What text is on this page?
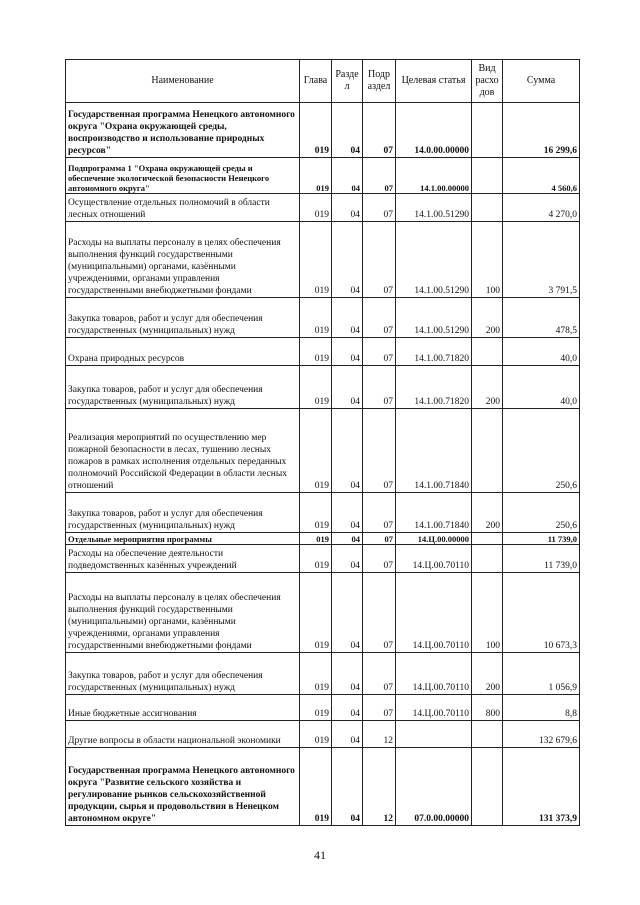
Наименование	Глава	Разде л	Подр аздел	Целевая статья	Вид расхо дов	Сумма
Государственная программа Ненецкого автономного округа "Охрана окружающей среды, воспроизводство и использование природных ресурсов"	019	04	07	14.0.00.00000		16 299,6
Подпрограмма 1 "Охрана окружающей среды и обеспечение экологической безопасности Ненецкого автономного округа"	019	04	07	14.1.00.00000		4 560,6
Осуществление отдельных полномочий в области лесных отношений	019	04	07	14.1.00.51290		4 270,0
Расходы на выплаты персоналу в целях обеспечения выполнения функций государственными (муниципальными) органами, казёнными учреждениями, органами управления государственными внебюджетными фондами	019	04	07	14.1.00.51290	100	3 791,5
Закупка товаров, работ и услуг для обеспечения государственных (муниципальных) нужд	019	04	07	14.1.00.51290	200	478,5
Охрана природных ресурсов	019	04	07	14.1.00.71820		40,0
Закупка товаров, работ и услуг для обеспечения государственных (муниципальных) нужд	019	04	07	14.1.00.71820	200	40,0
Реализация мероприятий по осуществлению мер пожарной безопасности в лесах, тушению лесных пожаров в рамках исполнения отдельных переданных полномочий Российской Федерации в области лесных отношений	019	04	07	14.1.00.71840		250,6
Закупка товаров, работ и услуг для обеспечения государственных (муниципальных) нужд	019	04	07	14.1.00.71840	200	250,6
Отдельные мероприятия программы	019	04	07	14.Ц.00.00000		11 739,0
Расходы на обеспечение деятельности подведомственных казённых учреждений	019	04	07	14.Ц.00.70110		11 739,0
Расходы на выплаты персоналу в целях обеспечения выполнения функций государственными (муниципальными) органами, казёнными учреждениями, органами управления государственными внебюджетными фондами	019	04	07	14.Ц.00.70110	100	10 673,3
Закупка товаров, работ и услуг для обеспечения государственных (муниципальных) нужд	019	04	07	14.Ц.00.70110	200	1 056,9
Иные бюджетные ассигнования	019	04	07	14.Ц.00.70110	800	8,8
Другие вопросы в области национальной экономики	019	04	12			132 679,6
Государственная программа Ненецкого автономного округа "Развитие сельского хозяйства и регулирование рынков сельскохозяйственной продукции, сырья и продовольствия в Ненецком автономном округе"	019	04	12	07.0.00.00000		131 373,9
41
